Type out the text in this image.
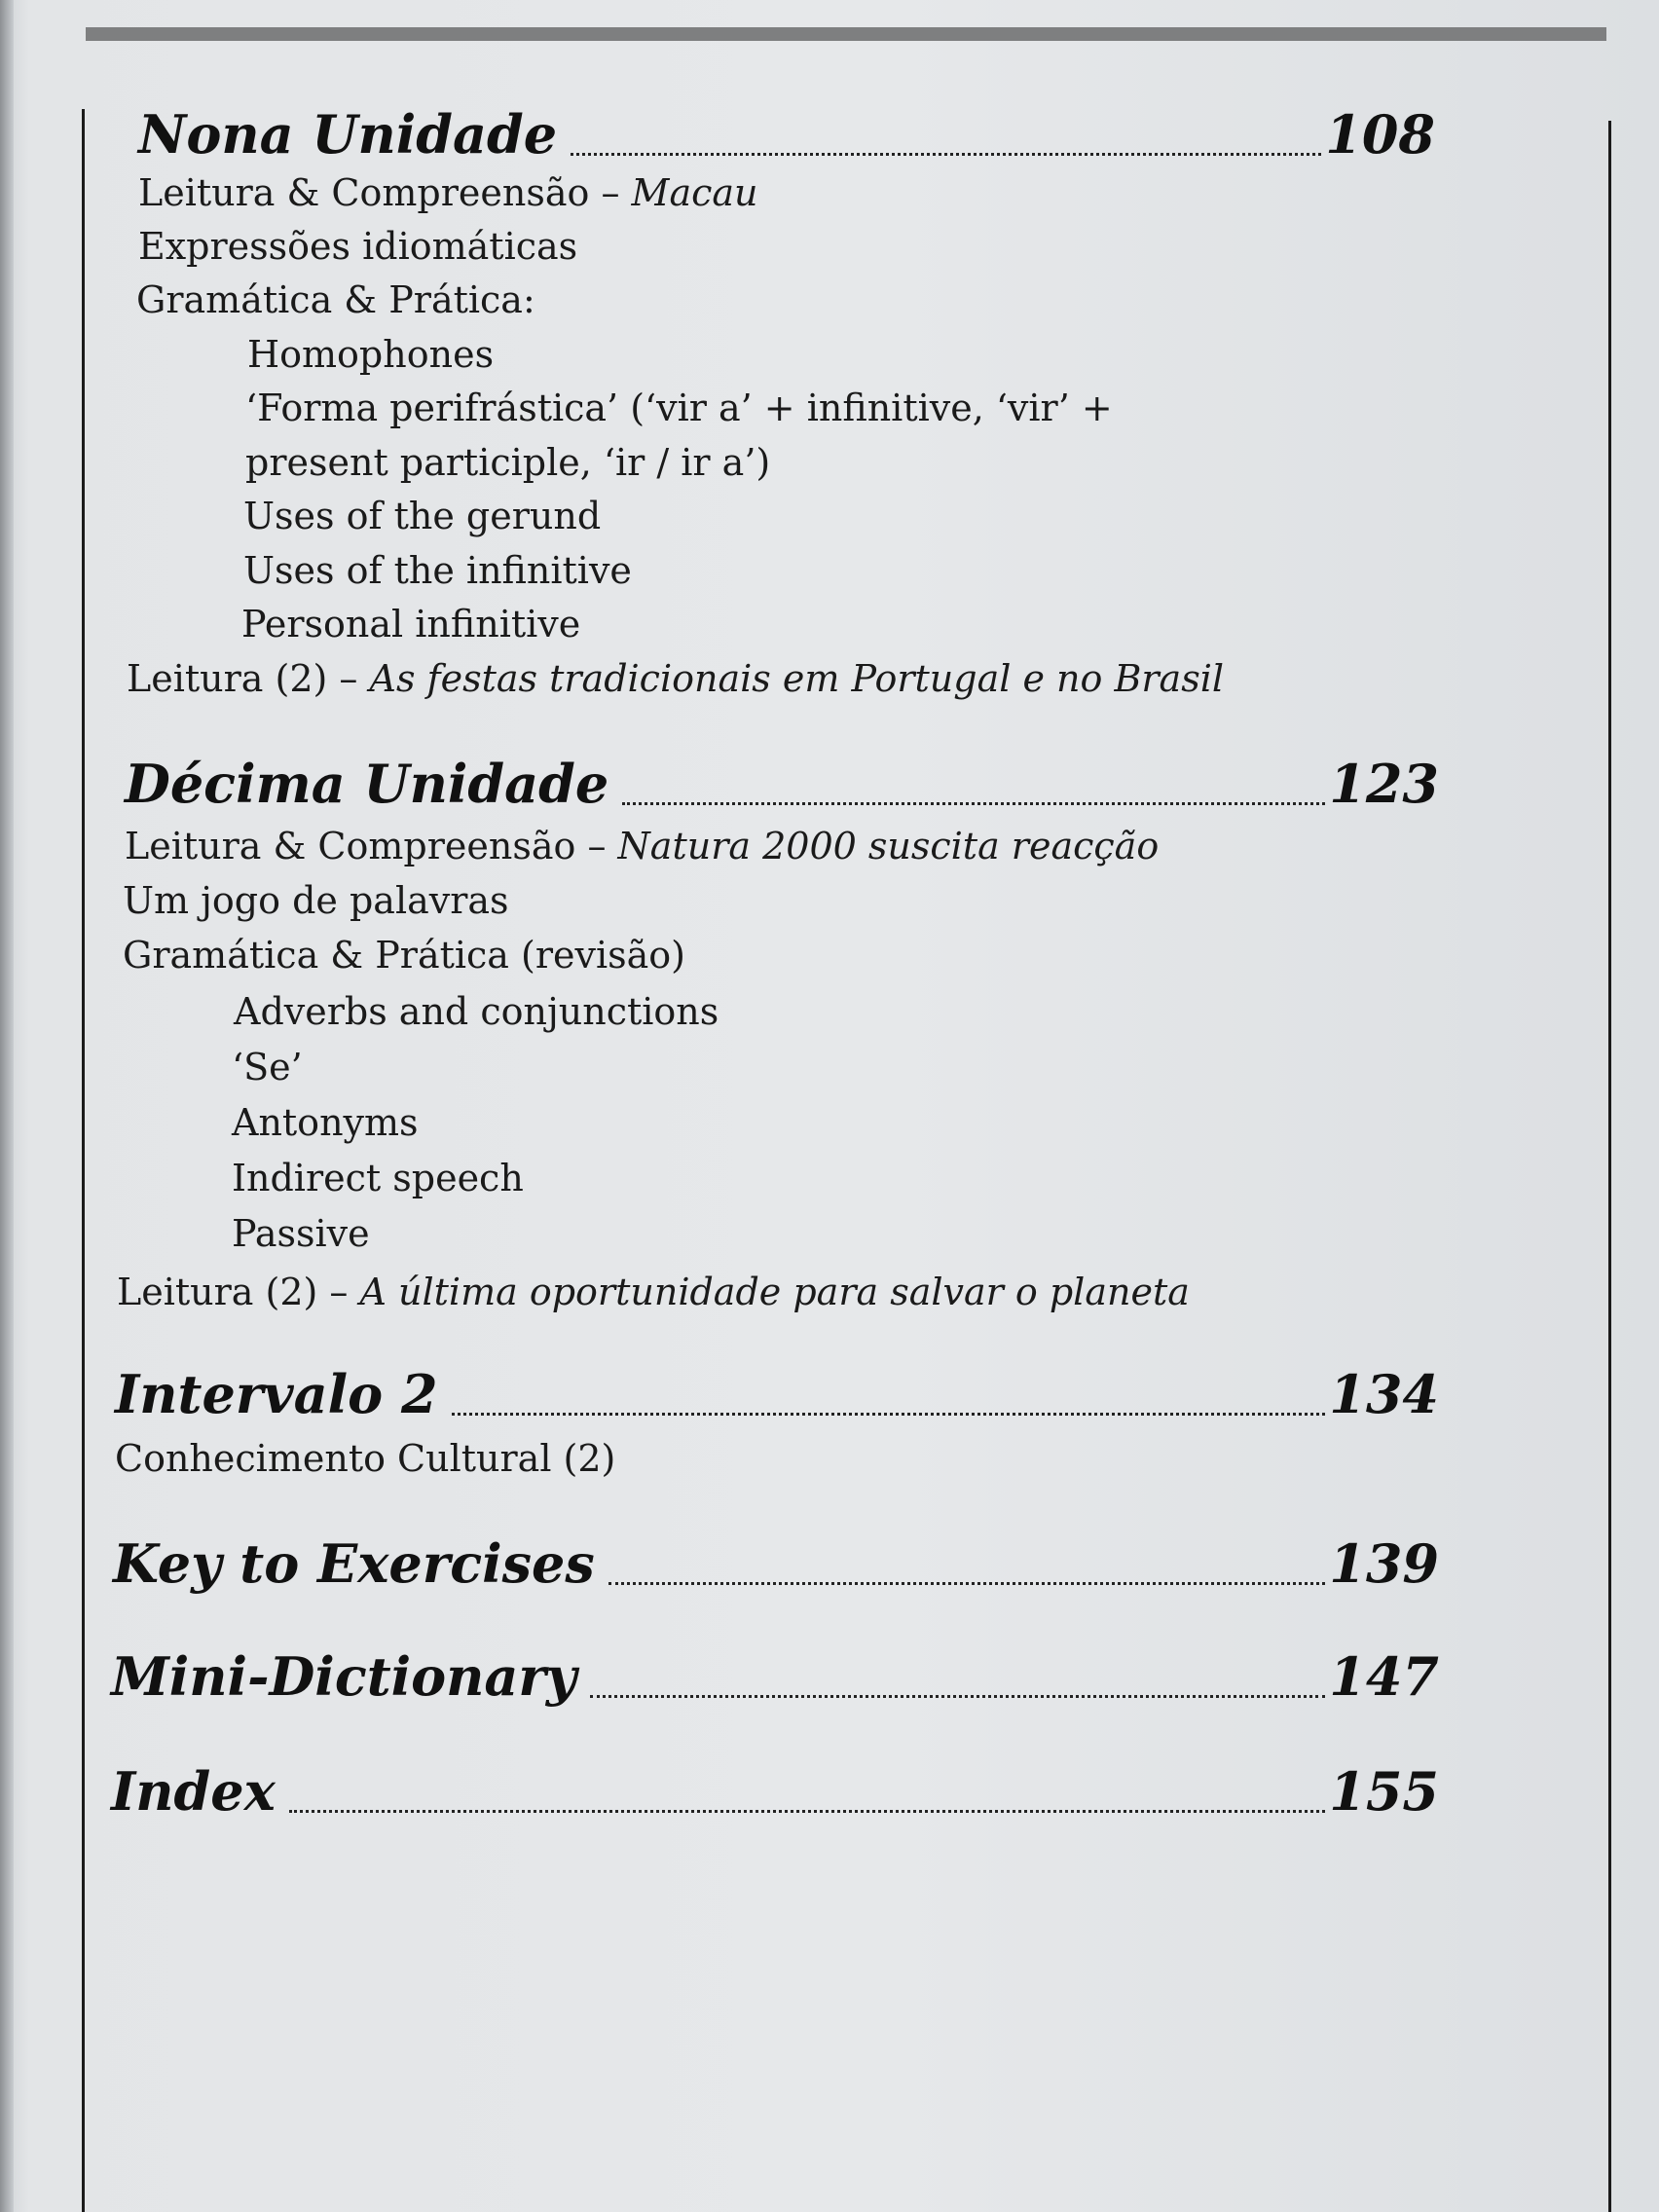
Nona Unidade	108
Leitura & Compreensão – Macau
Expressões idiomáticas
Gramática & Prática:
Homophones
‘Forma perifrástica’ (‘vir a’ + infinitive, ‘vir’ +
present participle, ‘ir / ir a’)
Uses of the gerund
Uses of the infinitive
Personal infinitive
Leitura (2) – As festas tradicionais em Portugal e no Brasil
Décima Unidade	123
Leitura & Compreensão – Natura 2000 suscita reacção
Um jogo de palavras
Gramática & Prática (revisão)
Adverbs and conjunctions
‘Se’
Antonyms
Indirect speech
Passive
Leitura (2) – A última oportunidade para salvar o planeta
Intervalo 2	134
Conhecimento Cultural (2)
Key to Exercises	139
Mini-Dictionary	147
Index	155
